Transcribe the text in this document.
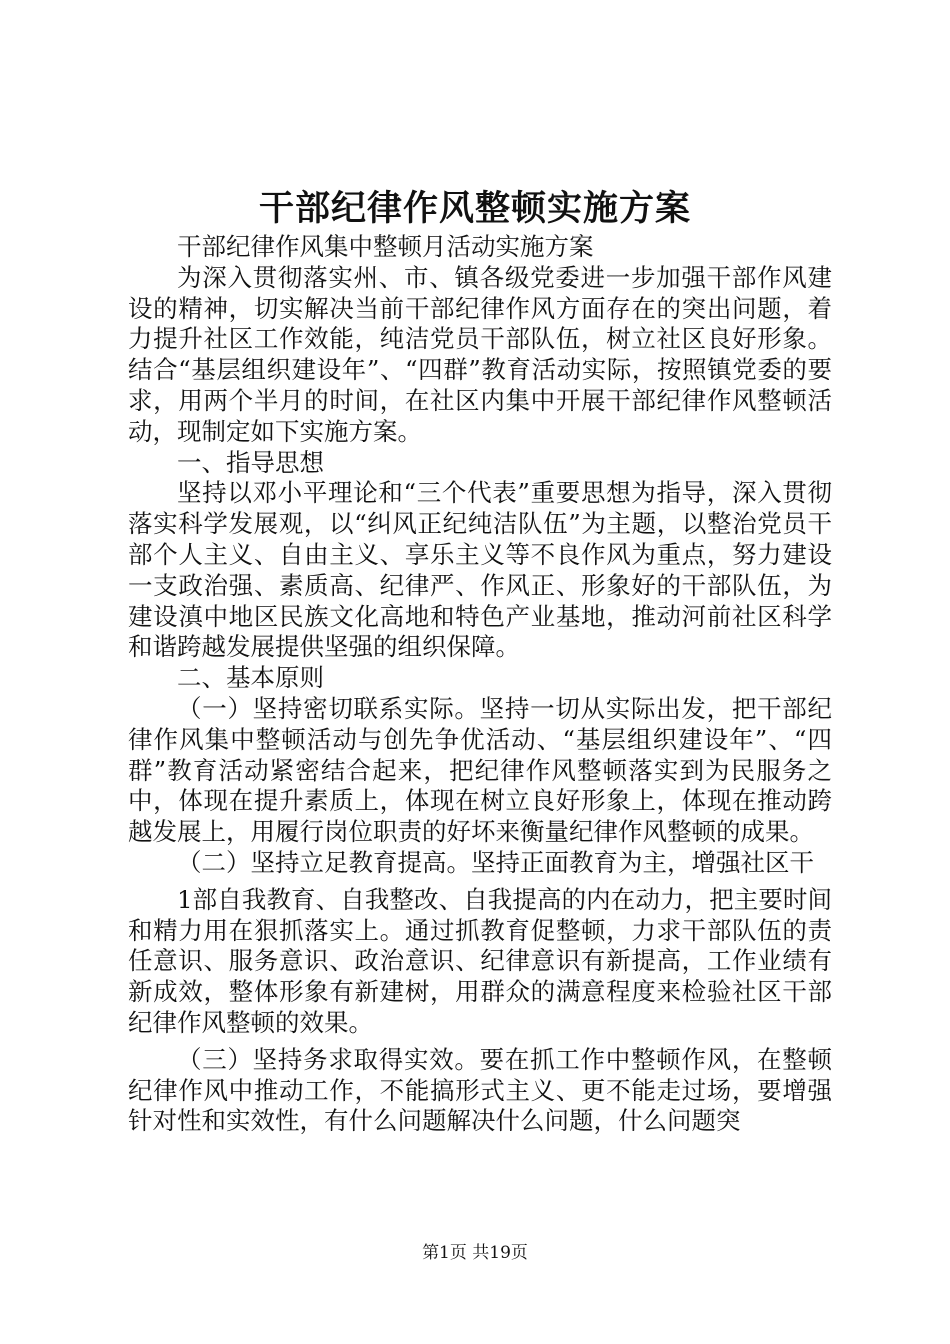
干部纪律作风整顿实施方案

干部纪律作风集中整顿月活动实施方案

为深入贯彻落实州、市、镇各级党委进一步加强干部作风建设的精神，切实解决当前干部纪律作风方面存在的突出问题，着力提升社区工作效能，纯洁党员干部队伍，树立社区良好形象。结合“基层组织建设年”、“四群”教育活动实际，按照镇党委的要求，用两个半月的时间，在社区内集中开展干部纪律作风整顿活动，现制定如下实施方案。

一、指导思想

坚持以邓小平理论和“三个代表”重要思想为指导，深入贯彻落实科学发展观，以“纠风正纪纯洁队伍”为主题，以整治党员干部个人主义、自由主义、享乐主义等不良作风为重点，努力建设一支政治强、素质高、纪律严、作风正、形象好的干部队伍，为建设滇中地区民族文化高地和特色产业基地，推动河前社区科学和谐跨越发展提供坚强的组织保障。

二、基本原则

（一）坚持密切联系实际。坚持一切从实际出发，把干部纪律作风集中整顿活动与创先争优活动、“基层组织建设年”、“四群”教育活动紧密结合起来，把纪律作风整顿落实到为民服务之中，体现在提升素质上，体现在树立良好形象上，体现在推动跨越发展上，用履行岗位职责的好坏来衡量纪律作风整顿的成果。

（二）坚持立足教育提高。坚持正面教育为主，增强社区干

1部自我教育、自我整改、自我提高的内在动力，把主要时间和精力用在狠抓落实上。通过抓教育促整顿，力求干部队伍的责任意识、服务意识、政治意识、纪律意识有新提高，工作业绩有新成效，整体形象有新建树，用群众的满意程度来检验社区干部纪律作风整顿的效果。

（三）坚持务求取得实效。要在抓工作中整顿作风，在整顿纪律作风中推动工作，不能搞形式主义、更不能走过场，要增强针对性和实效性，有什么问题解决什么问题，什么问题突

第1页 共19页
